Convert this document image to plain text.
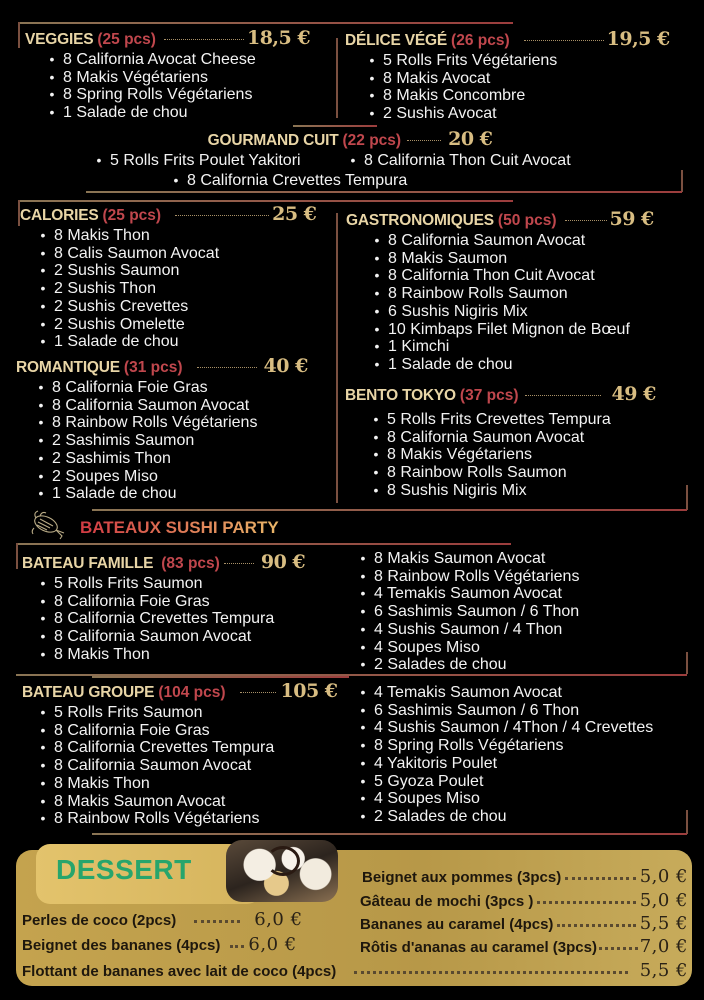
VEGGIES (25 pcs)	18,5 €
• 8 California Avocat Cheese
• 8 Makis Végétariens
• 8 Spring Rolls Végétariens
• 1 Salade de chou
DÉLICE VÉGÉ (26 pcs)	19,5 €
• 5 Rolls Frits Végétariens
• 8 Makis Avocat
• 8 Makis Concombre
• 2 Sushis Avocat
GOURMAND CUIT (22 pcs) 20 €
• 5 Rolls Frits Poulet Yakitori	• 8 California Thon Cuit Avocat
• 8 California Crevettes Tempura
CALORIES (25 pcs)	25 €
• 8 Makis Thon
• 8 Calis Saumon Avocat
• 2 Sushis Saumon
• 2 Sushis Thon
• 2 Sushis Crevettes
• 2 Sushis Omelette
• 1 Salade de chou
GASTRONOMIQUES (50 pcs)	59 €
• 8 California Saumon Avocat
• 8 Makis Saumon
• 8 California Thon Cuit Avocat
• 8 Rainbow Rolls Saumon
• 6 Sushis Nigiris Mix
• 10 Kimbaps Filet Mignon de Bœuf
• 1 Kimchi
• 1 Salade de chou
ROMANTIQUE (31 pcs)	40 €
• 8 California Foie Gras
• 8 California Saumon Avocat
• 8 Rainbow Rolls Végétariens
• 2 Sashimis Saumon
• 2 Sashimis Thon
• 2 Soupes Miso
• 1 Salade de chou
BENTO TOKYO (37 pcs)	49 €
• 5 Rolls Frits Crevettes Tempura
• 8 California Saumon Avocat
• 8 Makis Végétariens
• 8 Rainbow Rolls Saumon
• 8 Sushis Nigiris Mix
BATEAUX SUSHI PARTY
BATEAU FAMILLE (83 pcs) 90 €
• 5 Rolls Frits Saumon
• 8 California Foie Gras
• 8 California Crevettes Tempura
• 8 California Saumon Avocat
• 8 Makis Thon
• 8 Makis Saumon Avocat
• 8 Rainbow Rolls Végétariens
• 4 Temakis Saumon Avocat
• 6 Sashimis Saumon / 6 Thon
• 4 Sushis Saumon / 4 Thon
• 4 Soupes Miso
• 2 Salades de chou
BATEAU GROUPE (104 pcs)	105 €
• 5 Rolls Frits Saumon
• 8 California Foie Gras
• 8 California Crevettes Tempura
• 8 California Saumon Avocat
• 8 Makis Thon
• 8 Makis Saumon Avocat
• 8 Rainbow Rolls Végétariens
• 4 Temakis Saumon Avocat
• 6 Sashimis Saumon / 6 Thon
• 4 Sushis Saumon / 4Thon / 4 Crevettes
• 8 Spring Rolls Végétariens
• 4 Yakitoris Poulet
• 5 Gyoza Poulet
• 4 Soupes Miso
• 2 Salades de chou
DESSERT
Perles de coco (2pcs)	6,0 €
Beignet des bananes (4pcs) 6,0 €
Flottant de bananes avec lait de coco (4pcs)	5,5 €
Beignet aux pommes (3pcs)	5,0 €
Gâteau de mochi (3pcs )	5,0 €
Bananes au caramel (4pcs)	5,5 €
Rôtis d'ananas au caramel (3pcs) 7,0 €
